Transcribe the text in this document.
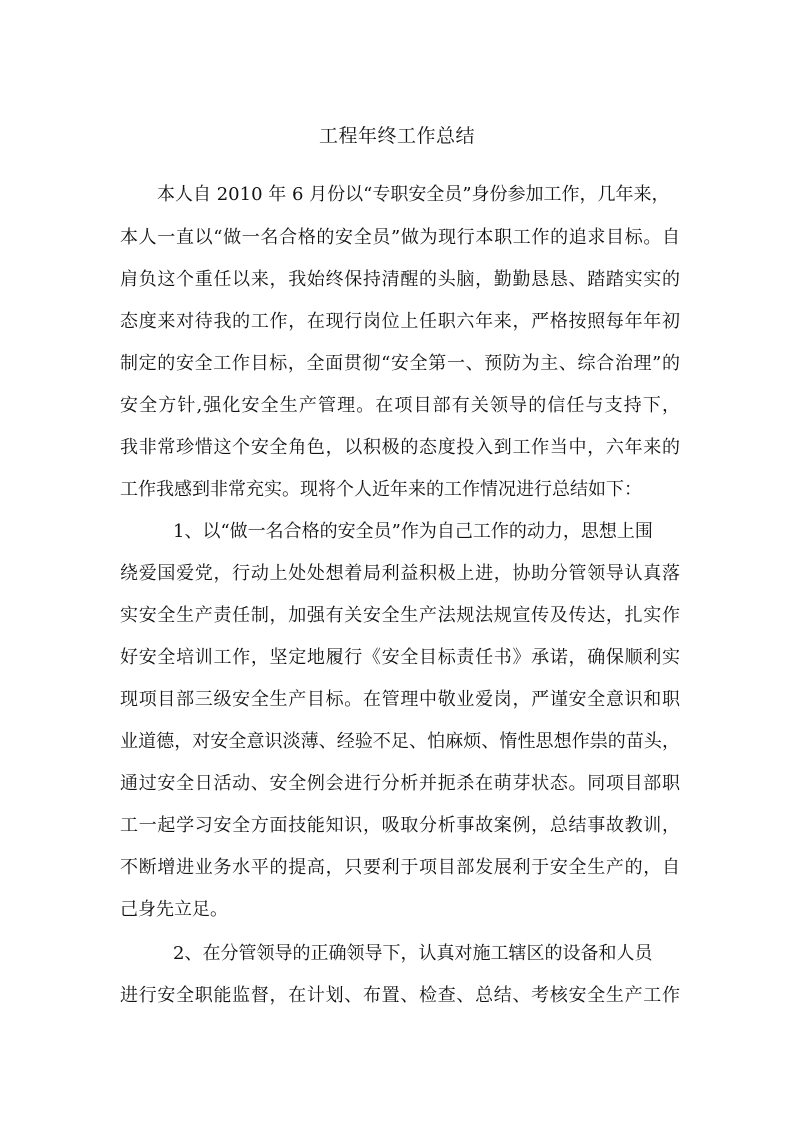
工程年终工作总结
本人自 2010 年 6 月份以“专职安全员”身份参加工作，几年来，
本人一直以“做一名合格的安全员”做为现行本职工作的追求目标。自
肩负这个重任以来，我始终保持清醒的头脑，勤勤恳恳、踏踏实实的
态度来对待我的工作，在现行岗位上任职六年来，严格按照每年年初
制定的安全工作目标，全面贯彻“安全第一、预防为主、综合治理”的
安全方针,强化安全生产管理。在项目部有关领导的信任与支持下，
我非常珍惜这个安全角色，以积极的态度投入到工作当中，六年来的
工作我感到非常充实。现将个人近年来的工作情况进行总结如下：
1、以“做一名合格的安全员”作为自己工作的动力，思想上围
绕爱国爱党，行动上处处想着局利益积极上进，协助分管领导认真落
实安全生产责任制，加强有关安全生产法规法规宣传及传达，扎实作
好安全培训工作，坚定地履行《安全目标责任书》承诺，确保顺利实
现项目部三级安全生产目标。在管理中敬业爱岗，严谨安全意识和职
业道德，对安全意识淡薄、经验不足、怕麻烦、惰性思想作祟的苗头，
通过安全日活动、安全例会进行分析并扼杀在萌芽状态。同项目部职
工一起学习安全方面技能知识，吸取分析事故案例，总结事故教训，
不断增进业务水平的提高，只要利于项目部发展利于安全生产的，自
己身先立足。
2、在分管领导的正确领导下，认真对施工辖区的设备和人员
进行安全职能监督，在计划、布置、检查、总结、考核安全生产工作
